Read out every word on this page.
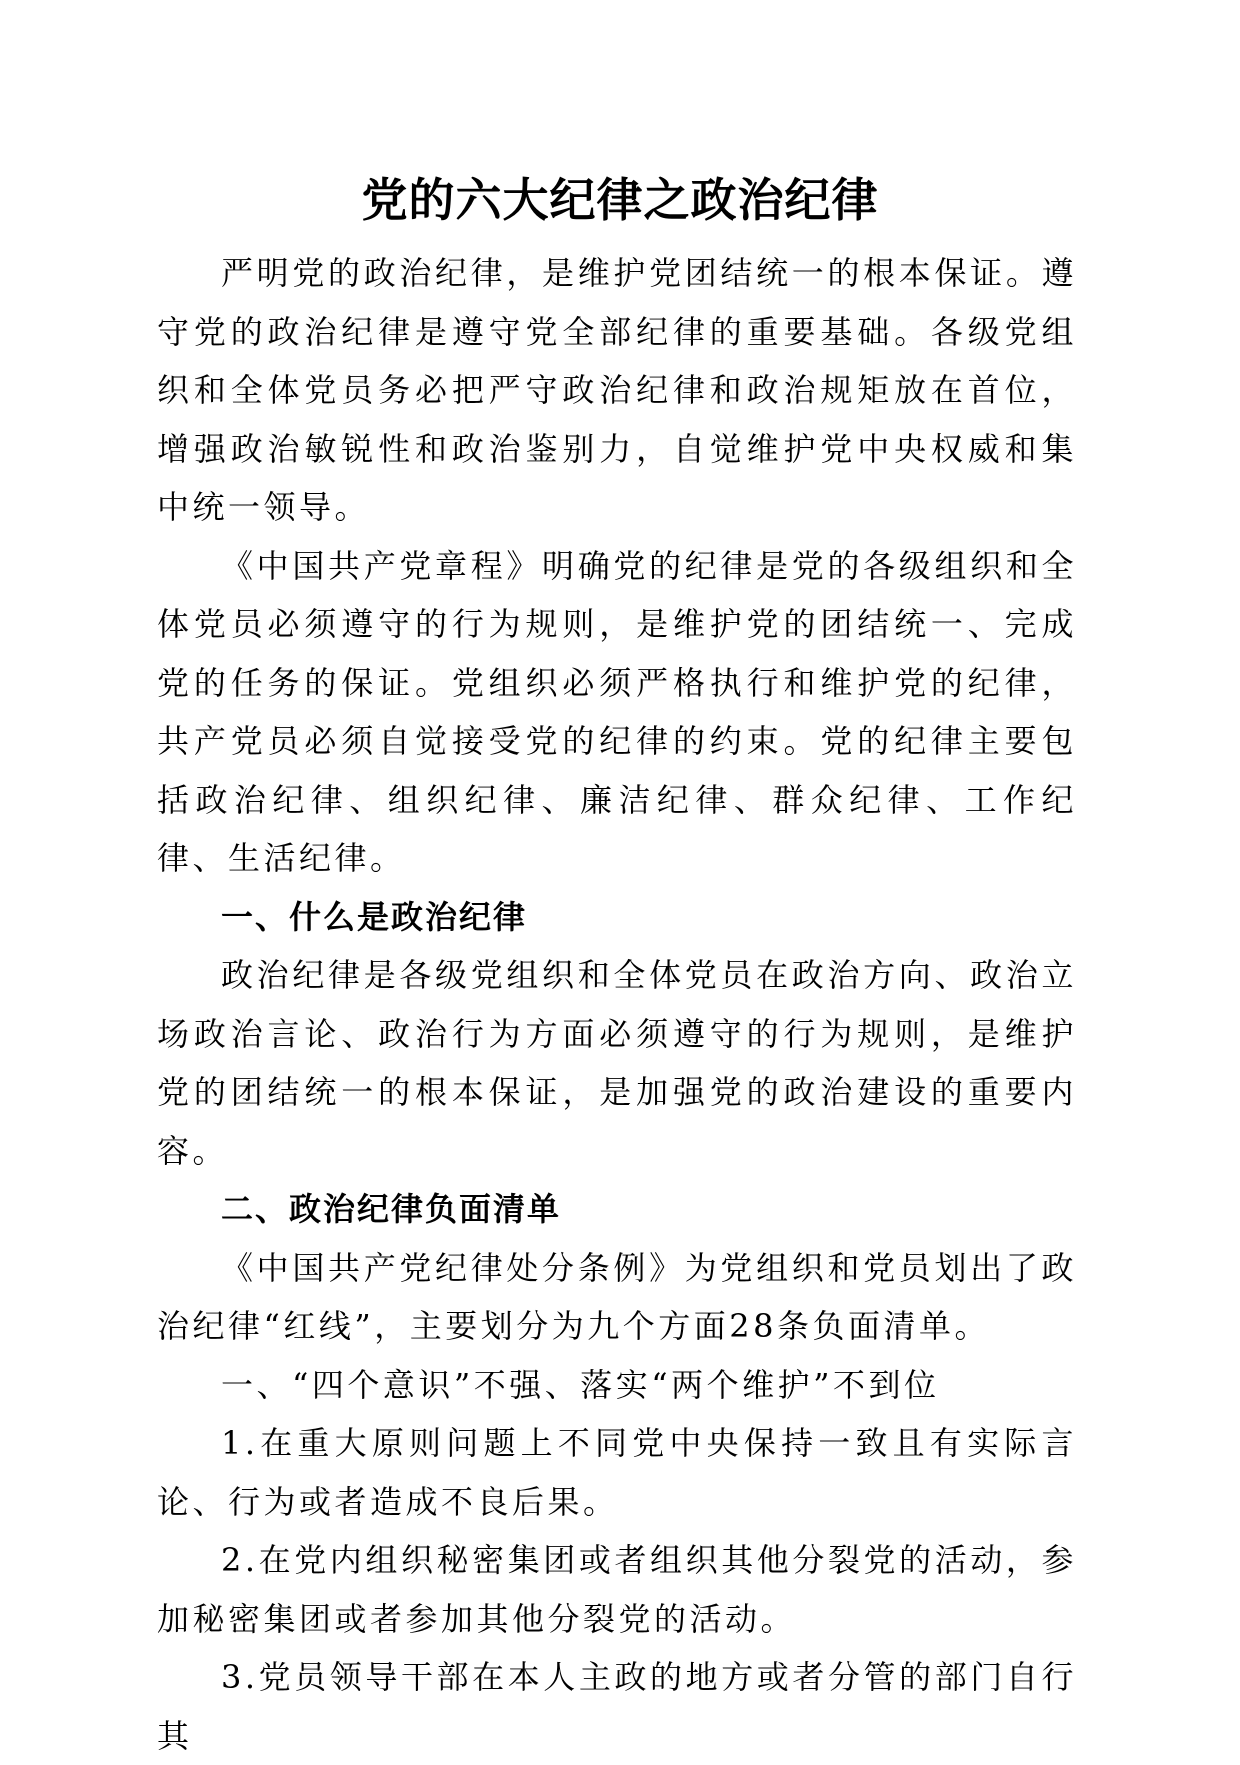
党的六大纪律之政治纪律

严明党的政治纪律，是维护党团结统一的根本保证。遵守党的政治纪律是遵守党全部纪律的重要基础。各级党组织和全体党员务必把严守政治纪律和政治规矩放在首位，增强政治敏锐性和政治鉴别力，自觉维护党中央权威和集中统一领导。

《中国共产党章程》明确党的纪律是党的各级组织和全体党员必须遵守的行为规则，是维护党的团结统一、完成党的任务的保证。党组织必须严格执行和维护党的纪律，共产党员必须自觉接受党的纪律的约束。党的纪律主要包括政治纪律、组织纪律、廉洁纪律、群众纪律、工作纪律、生活纪律。

一、什么是政治纪律

政治纪律是各级党组织和全体党员在政治方向、政治立场政治言论、政治行为方面必须遵守的行为规则，是维护党的团结统一的根本保证，是加强党的政治建设的重要内容。

二、政治纪律负面清单

《中国共产党纪律处分条例》为党组织和党员划出了政治纪律“红线”，主要划分为九个方面28条负面清单。

一、“四个意识”不强、落实“两个维护”不到位

1.在重大原则问题上不同党中央保持一致且有实际言论、行为或者造成不良后果。

2.在党内组织秘密集团或者组织其他分裂党的活动，参加秘密集团或者参加其他分裂党的活动。

3.党员领导干部在本人主政的地方或者分管的部门自行其
